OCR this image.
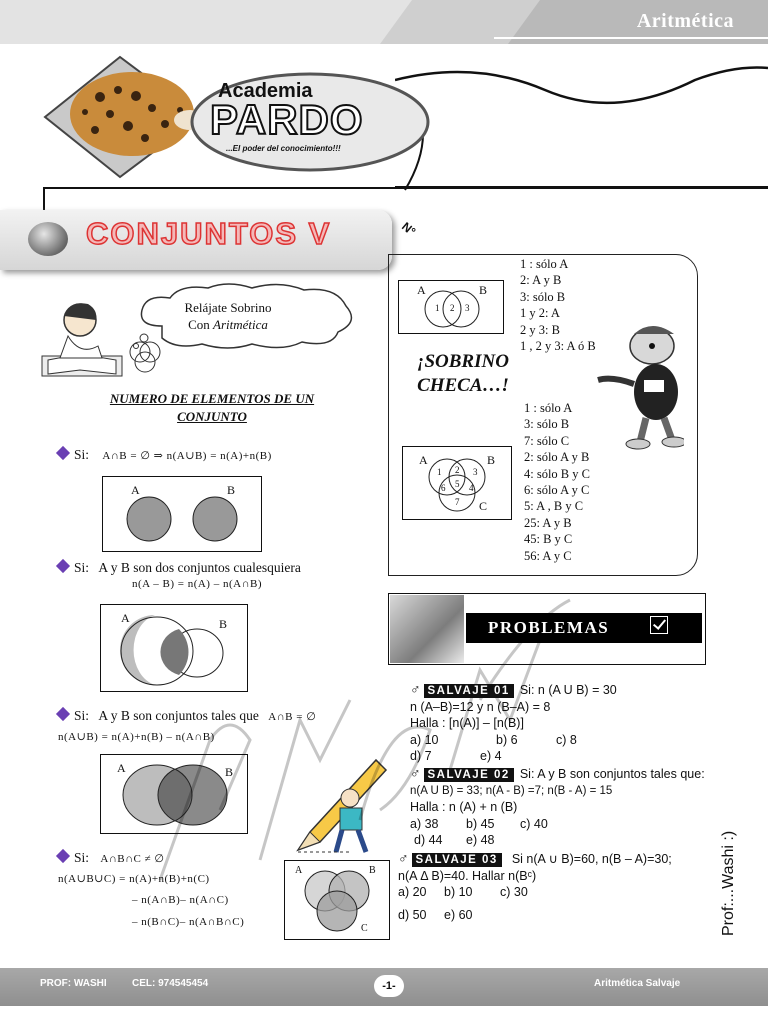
Aritmética
Academia
PARDO
...El poder del conocimiento!!!
CONJUNTOS V	N°
Relájate Sobrino
Con Aritmética
NUMERO DE ELEMENTOS DE UN
CONJUNTO
Si: A∩B = ∅ ⇒ n(A∪B) = n(A)+n(B)
A	B
Si: A y B son dos conjuntos cualesquiera
n(A – B) = n(A) – n(A∩B)
A	B
Si: A y B son conjuntos tales que A∩B = ∅
n(A∪B) = n(A)+n(B) – n(A∩B)
A	B
Si: A∩B∩C ≠ ∅
n(A∪B∪C) = n(A)+n(B)+n(C)
– n(A∩B)– n(A∩C)
– n(B∩C)– n(A∩B∩C)
A	B
C
A	B
1 2 3
1 : sólo A
2: A y B
3: sólo B
1 y 2: A
2 y 3: B
1 , 2 y 3: A ó B
¡SOBRINO
CHECA…!
A	B
C
1 2 3
4
5
6
7
1 : sólo A
3: sólo B
7: sólo C
2: sólo A y B
4: sólo B y C
6: sólo A y C
5: A , B y C
25: A y B
45: B y C
56: A y C
PROBLEMAS
♂ SALVAJE 01 Si: n (A U B) = 30
n (A–B)=12 y n (B–A) = 8
Halla : [n(A)] – [n(B)]
a) 10	b) 6	c) 8
d) 7	e) 4
♂ SALVAJE 02 Si: A y B son conjuntos tales que:
n(A U B) = 33; n(A - B) =7; n(B - A) = 15
Halla : n (A) + n (B)
a) 38 b) 45 c) 40
d) 44 e) 48
♂ SALVAJE 03 Si n(A ∪ B)=60, n(B – A)=30;
n(A Δ B)=40. Hallar n(Bᶜ)
a) 20 b) 10 c) 30
d) 50 e) 60	Prof:...Washi :)
PROF: WASHI	CEL: 974545454	-1-	Aritmética Salvaje
